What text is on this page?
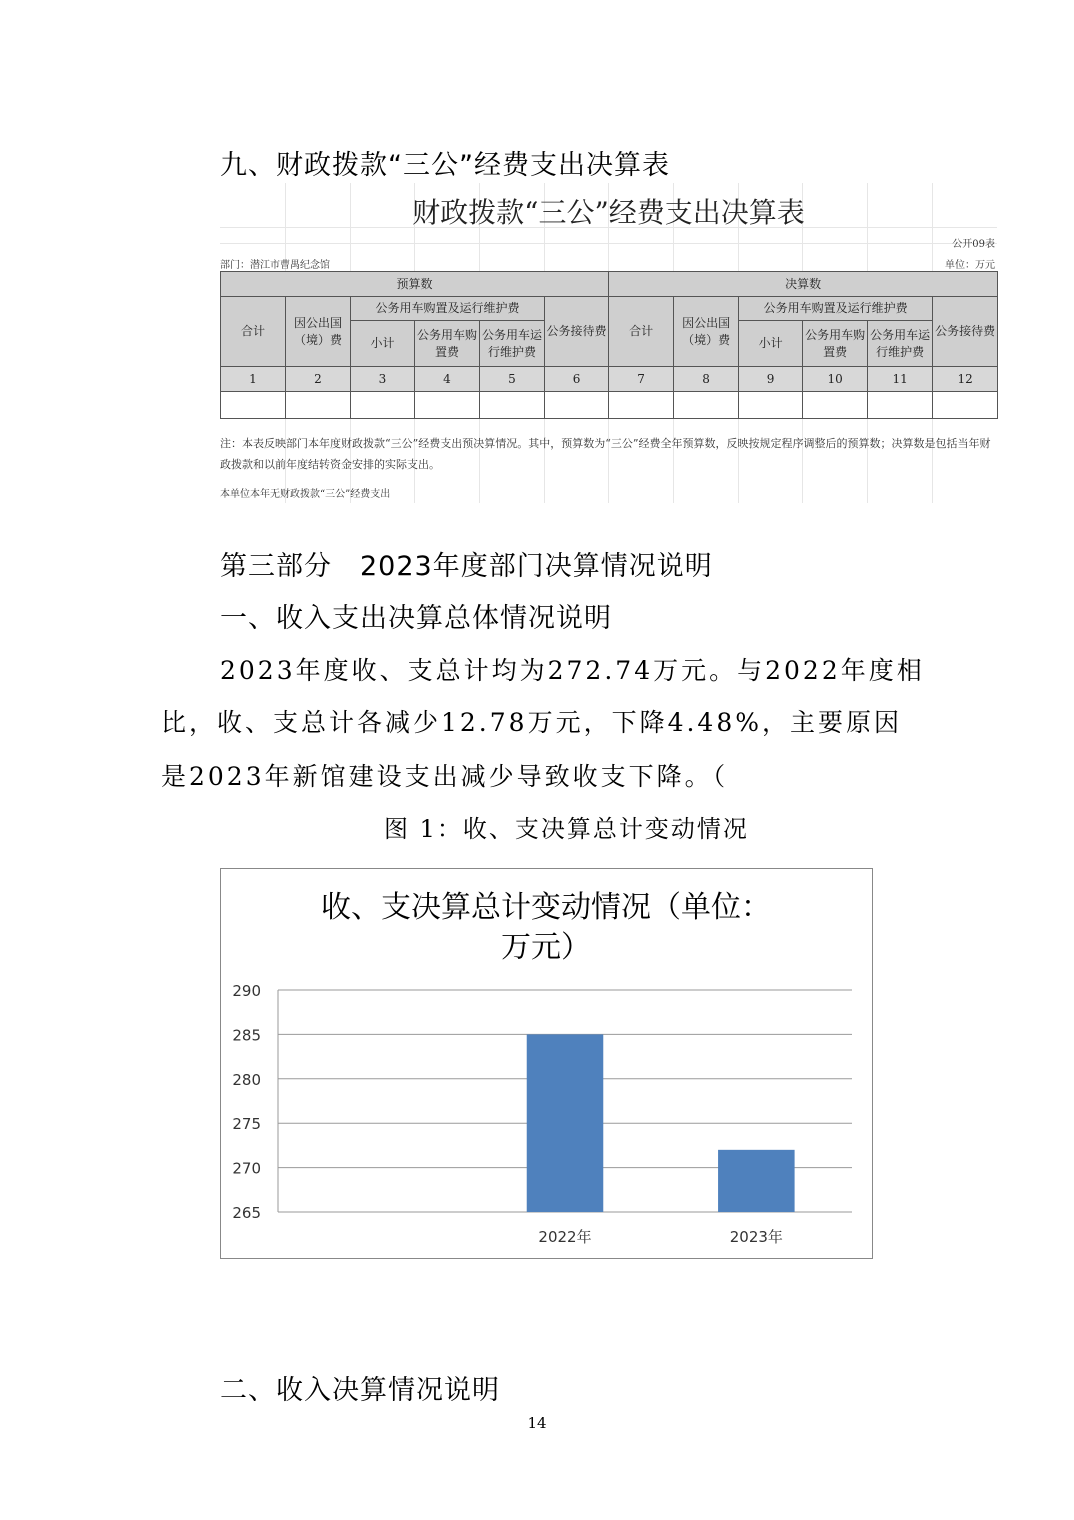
九、财政拨款“三公”经费支出决算表
财政拨款“三公”经费支出决算表
公开09表
部门：潜江市曹禺纪念馆	单位：万元
预算数						决算数					
合计	因公出国（境）费	公务用车购置及运行维护费			公务接待费	合计	因公出国（境）费	公务用车购置及运行维护费			公务接待费
		小计	公务用车购置费	公务用车运行维护费				小计	公务用车购置费	公务用车运行维护费	
1	2	3	4	5	6	7	8	9	10	11	12

注：本表反映部门本年度财政拨款“三公”经费支出预决算情况。其中，预算数为“三公”经费全年预算数，反映按规定程序调整后的预算数；决算数是包括当年财政拨款和以前年度结转资金安排的实际支出。
本单位本年无财政拨款“三公”经费支出
第三部分　2023年度部门决算情况说明
一、收入支出决算总体情况说明
2023年度收、支总计均为272.74万元。与2022年度相
比，收、支总计各减少12.78万元，下降4.48%，主要原因
是2023年新馆建设支出减少导致收支下降。（
图 1：收、支决算总计变动情况
收、支决算总计变动情况（单位：
万元）
290
285
280
275
270
265
2022年	2023年
二、收入决算情况说明
14
